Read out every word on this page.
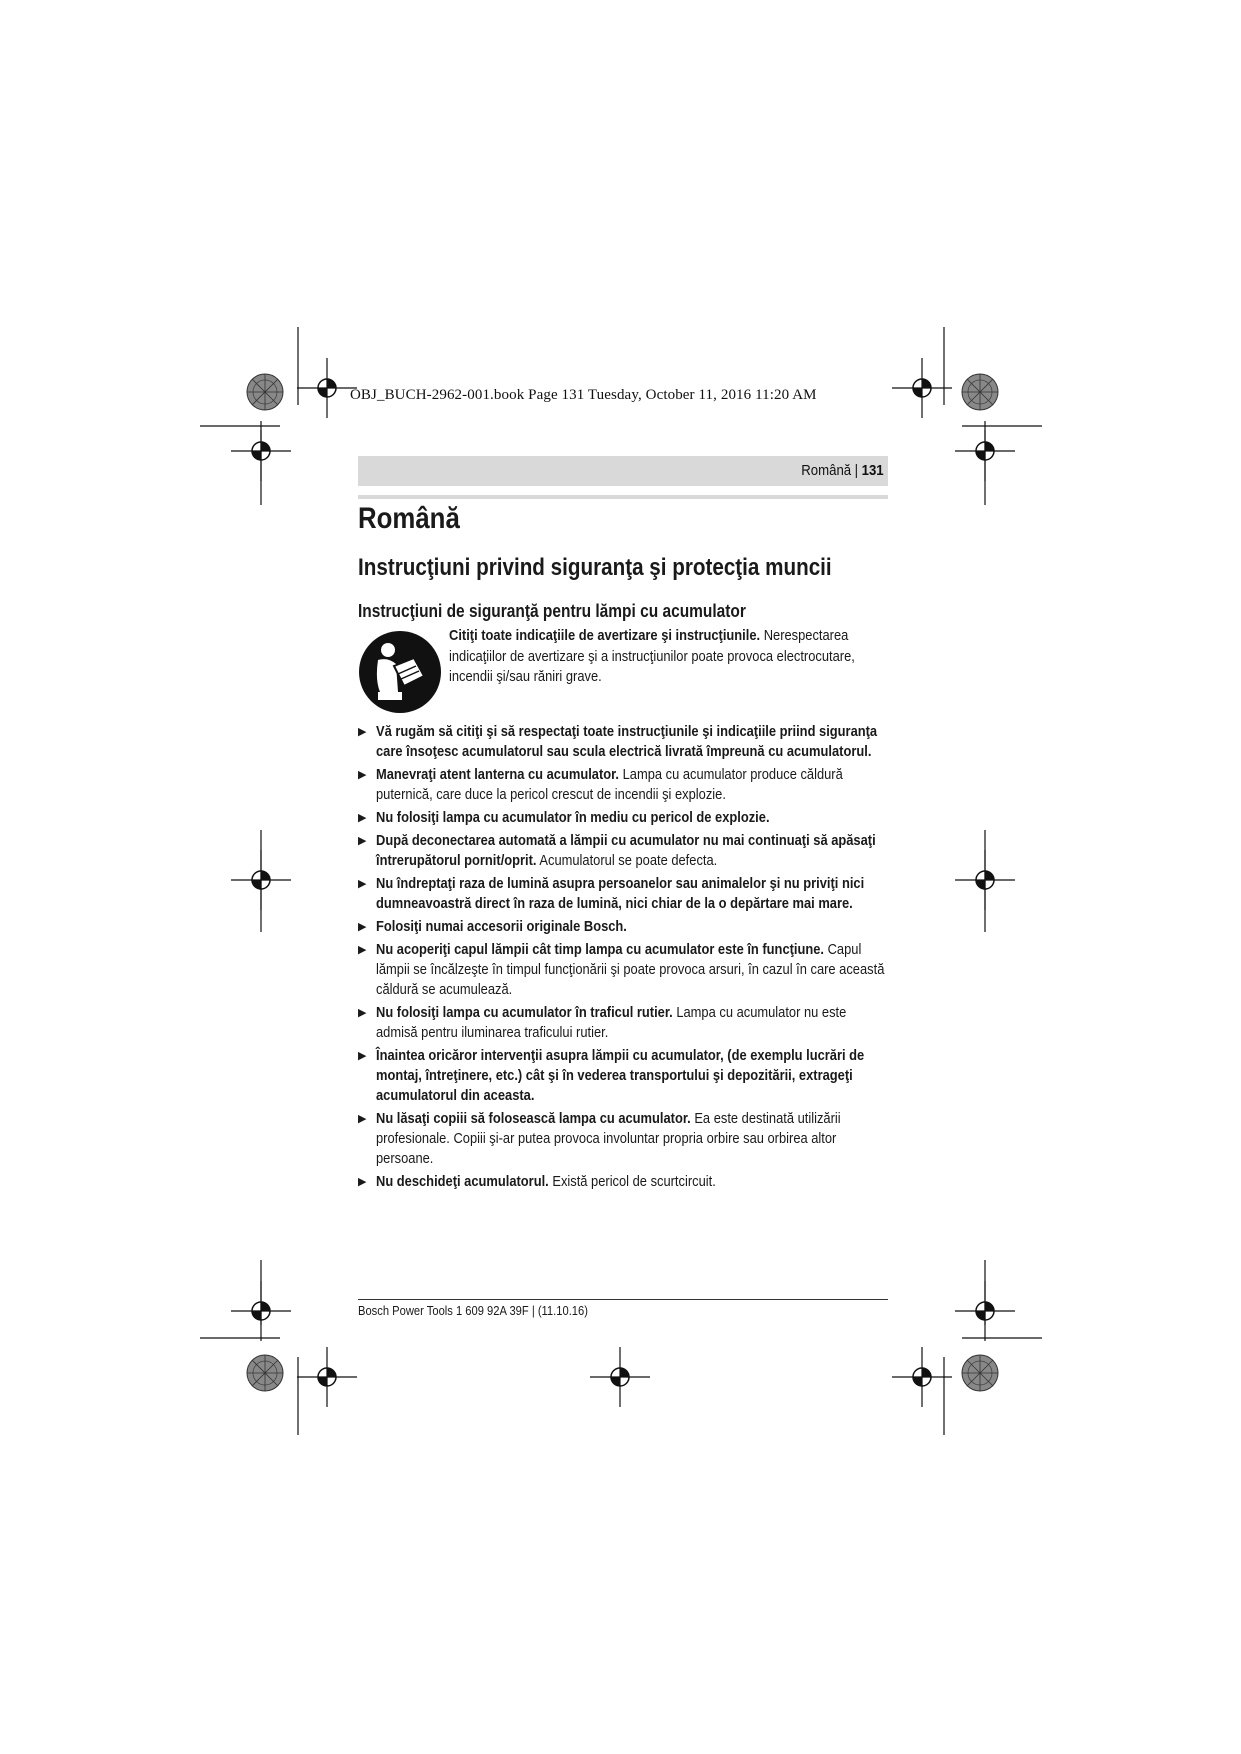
OBJ_BUCH-2962-001.book Page 131 Tuesday, October 11, 2016 11:20 AM
Română | 131
Română
Instrucţiuni privind siguranţa şi protecţia muncii
Instrucţiuni de siguranţă pentru lămpi cu acumulator
Citiţi toate indicaţiile de avertizare şi instrucţiunile. Nerespectarea indicaţiilor de avertizare şi a instrucţiunilor poate provoca electrocutare, incendii şi/sau răniri grave.
▶ Vă rugăm să citiţi şi să respectaţi toate instrucţiunile şi indicaţiile priind siguranţa care însoţesc acumulatorul sau scula electrică livrată împreună cu acumulatorul.
▶ Manevraţi atent lanterna cu acumulator. Lampa cu acumulator produce căldură puternică, care duce la pericol crescut de incendii şi explozie.
▶ Nu folosiţi lampa cu acumulator în mediu cu pericol de explozie.
▶ După deconectarea automată a lămpii cu acumulator nu mai continuaţi să apăsaţi întrerupătorul pornit/oprit. Acumulatorul se poate defecta.
▶ Nu îndreptaţi raza de lumină asupra persoanelor sau animalelor şi nu priviţi nici dumneavoastră direct în raza de lumină, nici chiar de la o depărtare mai mare.
▶ Folosiţi numai accesorii originale Bosch.
▶ Nu acoperiţi capul lămpii cât timp lampa cu acumulator este în funcţiune. Capul lămpii se încălzeşte în timpul funcţionării şi poate provoca arsuri, în cazul în care această căldură se acumulează.
▶ Nu folosiţi lampa cu acumulator în traficul rutier. Lampa cu acumulator nu este admisă pentru iluminarea traficului rutier.
▶ Înaintea oricăror intervenţii asupra lămpii cu acumulator, (de exemplu lucrări de montaj, întreţinere, etc.) cât şi în vederea transportului şi depozitării, extrageţi acumulatorul din aceasta.
▶ Nu lăsaţi copiii să folosească lampa cu acumulator. Ea este destinată utilizării profesionale. Copiii şi-ar putea provoca involuntar propria orbire sau orbirea altor persoane.
▶ Nu deschideţi acumulatorul. Există pericol de scurtcircuit.
Bosch Power Tools 1 609 92A 39F | (11.10.16)
